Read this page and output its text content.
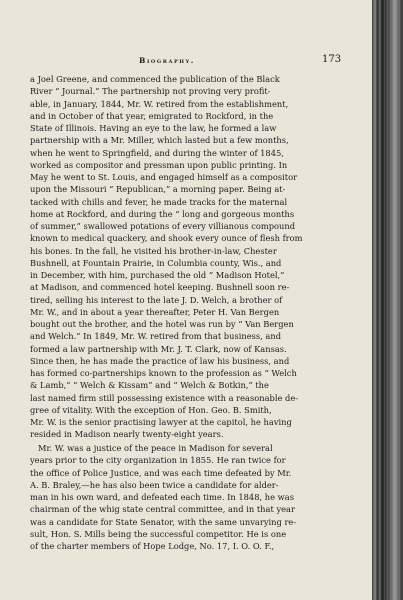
Biography.	173
a Joel Greene, and commenced the publication of the Black
River “ Journal.” The partnership not proving very profit-
able, in January, 1844, Mr. W. retired from the establishment,
and in October of that year, emigrated to Rockford, in the
State of Illinois. Having an eye to the law, he formed a law
partnership with a Mr. Miller, which lasted but a few months,
when he went to Springfield, and during the winter of 1845,
worked as compositor and pressman upon public printing. In
May he went to St. Louis, and engaged himself as a compositor
upon the Missouri “ Republican,” a morning paper. Being at-
tacked with chills and fever, he made tracks for the maternal
home at Rockford, and during the “ long and gorgeous months
of summer,” swallowed potations of every villianous compound
known to medical quackery, and shook every ounce of flesh from
his bones. In the fall, he visited his brother-in-law, Chester
Bushnell, at Fountain Prairie, in Columbia county, Wis., and
in December, with him, purchased the old “ Madison Hotel,”
at Madison, and commenced hotel keeping. Bushnell soon re-
tired, selling his interest to the late J. D. Welch, a brother of
Mr. W., and in about a year thereafter, Peter H. Van Bergen
bought out the brother, and the hotel was run by “ Van Bergen
and Welch.” In 1849, Mr. W. retired from that business, and
formed a law partnership with Mr. J. T. Clark, now of Kansas.
Since then, he has made the practice of law his business, and
has formed co-partnerships known to the profession as “ Welch
& Lamb,” “ Welch & Kissam” and “ Welch & Botkin,” the
last named firm still possessing existence with a reasonable de-
gree of vitality. With the exception of Hon. Geo. B. Smith,
Mr. W. is the senior practising lawyer at the capitol, he having
resided in Madison nearly twenty-eight years.
Mr. W. was a justice of the peace in Madison for several
years prior to the city organization in 1855. He ran twice for
the office of Police Justice, and was each time defeated by Mr.
A. B. Braley,—he has also been twice a candidate for alder-
man in his own ward, and defeated each time. In 1848, he was
chairman of the whig state central committee, and in that year
was a candidate for State Senator, with the same unvarying re-
sult, Hon. S. Mills being the successful competitor. He is one
of the charter members of Hope Lodge, No. 17, I. O. O. F.,
